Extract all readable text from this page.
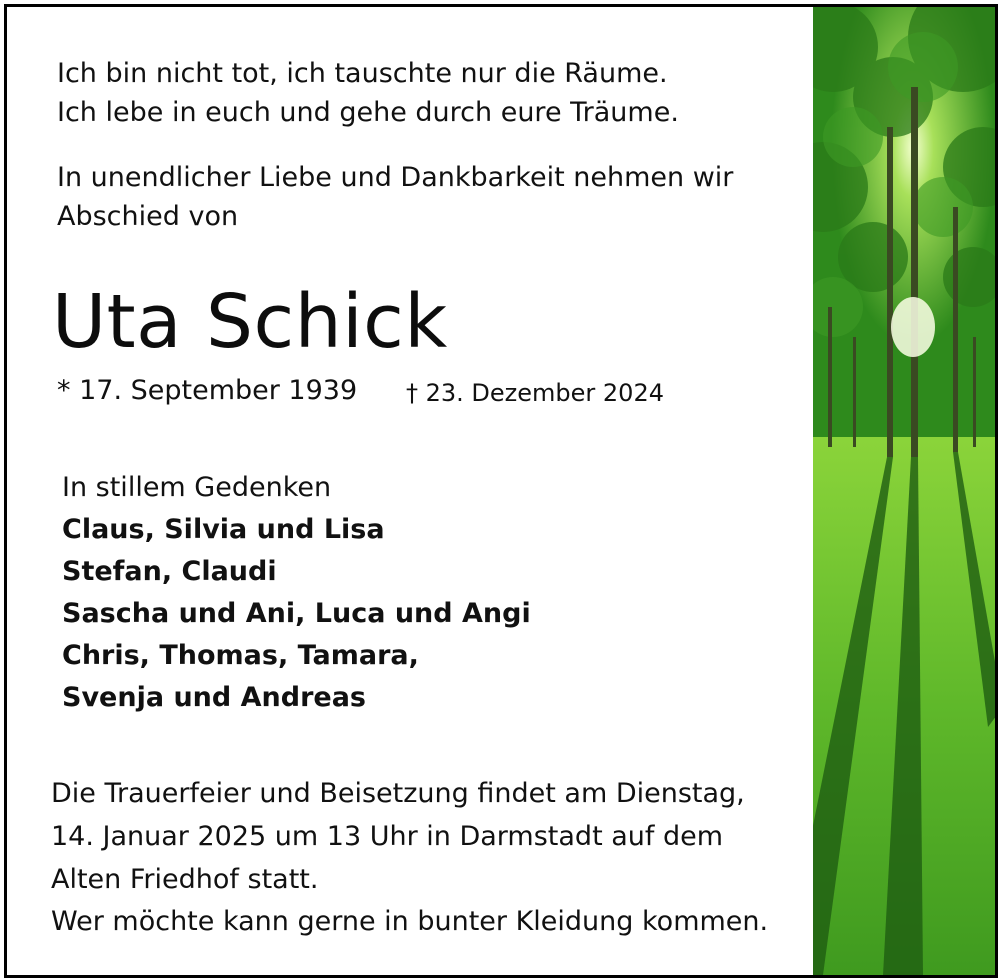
Ich bin nicht tot, ich tauschte nur die Räume.

Ich lebe in euch und gehe durch eure Träume.

In unendlicher Liebe und Dankbarkeit nehmen wir

Abschied von

Uta Schick

* 17. September 1939 † 23. Dezember 2024

In stillem Gedenken

Claus, Silvia und Lisa

Stefan, Claudi

Sascha und Ani, Luca und Angi

Chris, Thomas, Tamara,

Svenja und Andreas

Die Trauerfeier und Beisetzung findet am Dienstag,

14. Januar 2025 um 13 Uhr in Darmstadt auf dem

Alten Friedhof statt.

Wer möchte kann gerne in bunter Kleidung kommen.
